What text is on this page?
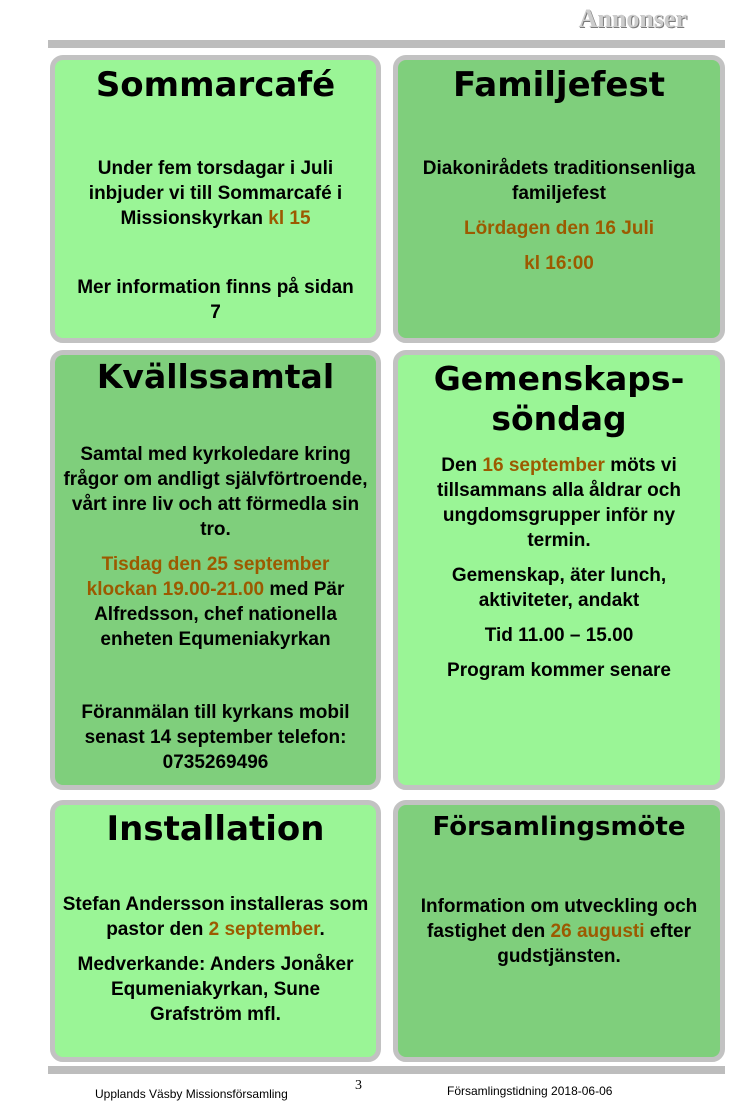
Annonser
Sommarcafé

Under fem torsdagar i Juli inbjuder vi till Sommarcafé i Missionskyrkan kl 15

Mer information finns på sidan 7

Familjefest

Diakonirådets traditionsenliga familjefest

Lördagen den 16 Juli

kl 16:00

Kvällssamtal

Samtal med kyrkoledare kring frågor om andligt självförtroende, vårt inre liv och att förmedla sin tro.

Tisdag den 25 september
klockan 19.00-21.00 med Pär Alfredsson, chef nationella enheten Equmeniakyrkan

Föranmälan till kyrkans mobil senast 14 september telefon: 0735269496

Gemenskaps-
söndag

Den 16 september möts vi tillsammans alla åldrar och ungdomsgrupper inför ny termin.

Gemenskap, äter lunch, aktiviteter, andakt

Tid 11.00 – 15.00

Program kommer senare

Installation

Stefan Andersson installeras som pastor den 2 september.

Medverkande: Anders Jonåker Equmeniakyrkan, Sune Grafström mfl.

Församlingsmöte

Information om utveckling och fastighet den 26 augusti efter gudstjänsten.

Upplands Väsby Missionsförsamling
3	Församlingstidning 2018-06-06
